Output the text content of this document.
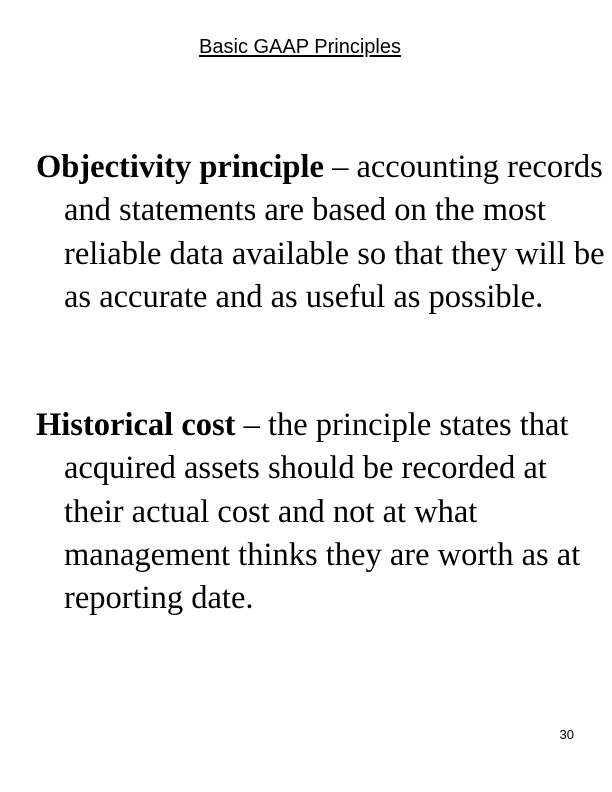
Basic GAAP Principles

Objectivity principle – accounting records and statements are based on the most reliable data available so that they will be as accurate and as useful as possible.

Historical cost – the principle states that acquired assets should be recorded at their actual cost and not at what management thinks they are worth as at reporting date.

30
